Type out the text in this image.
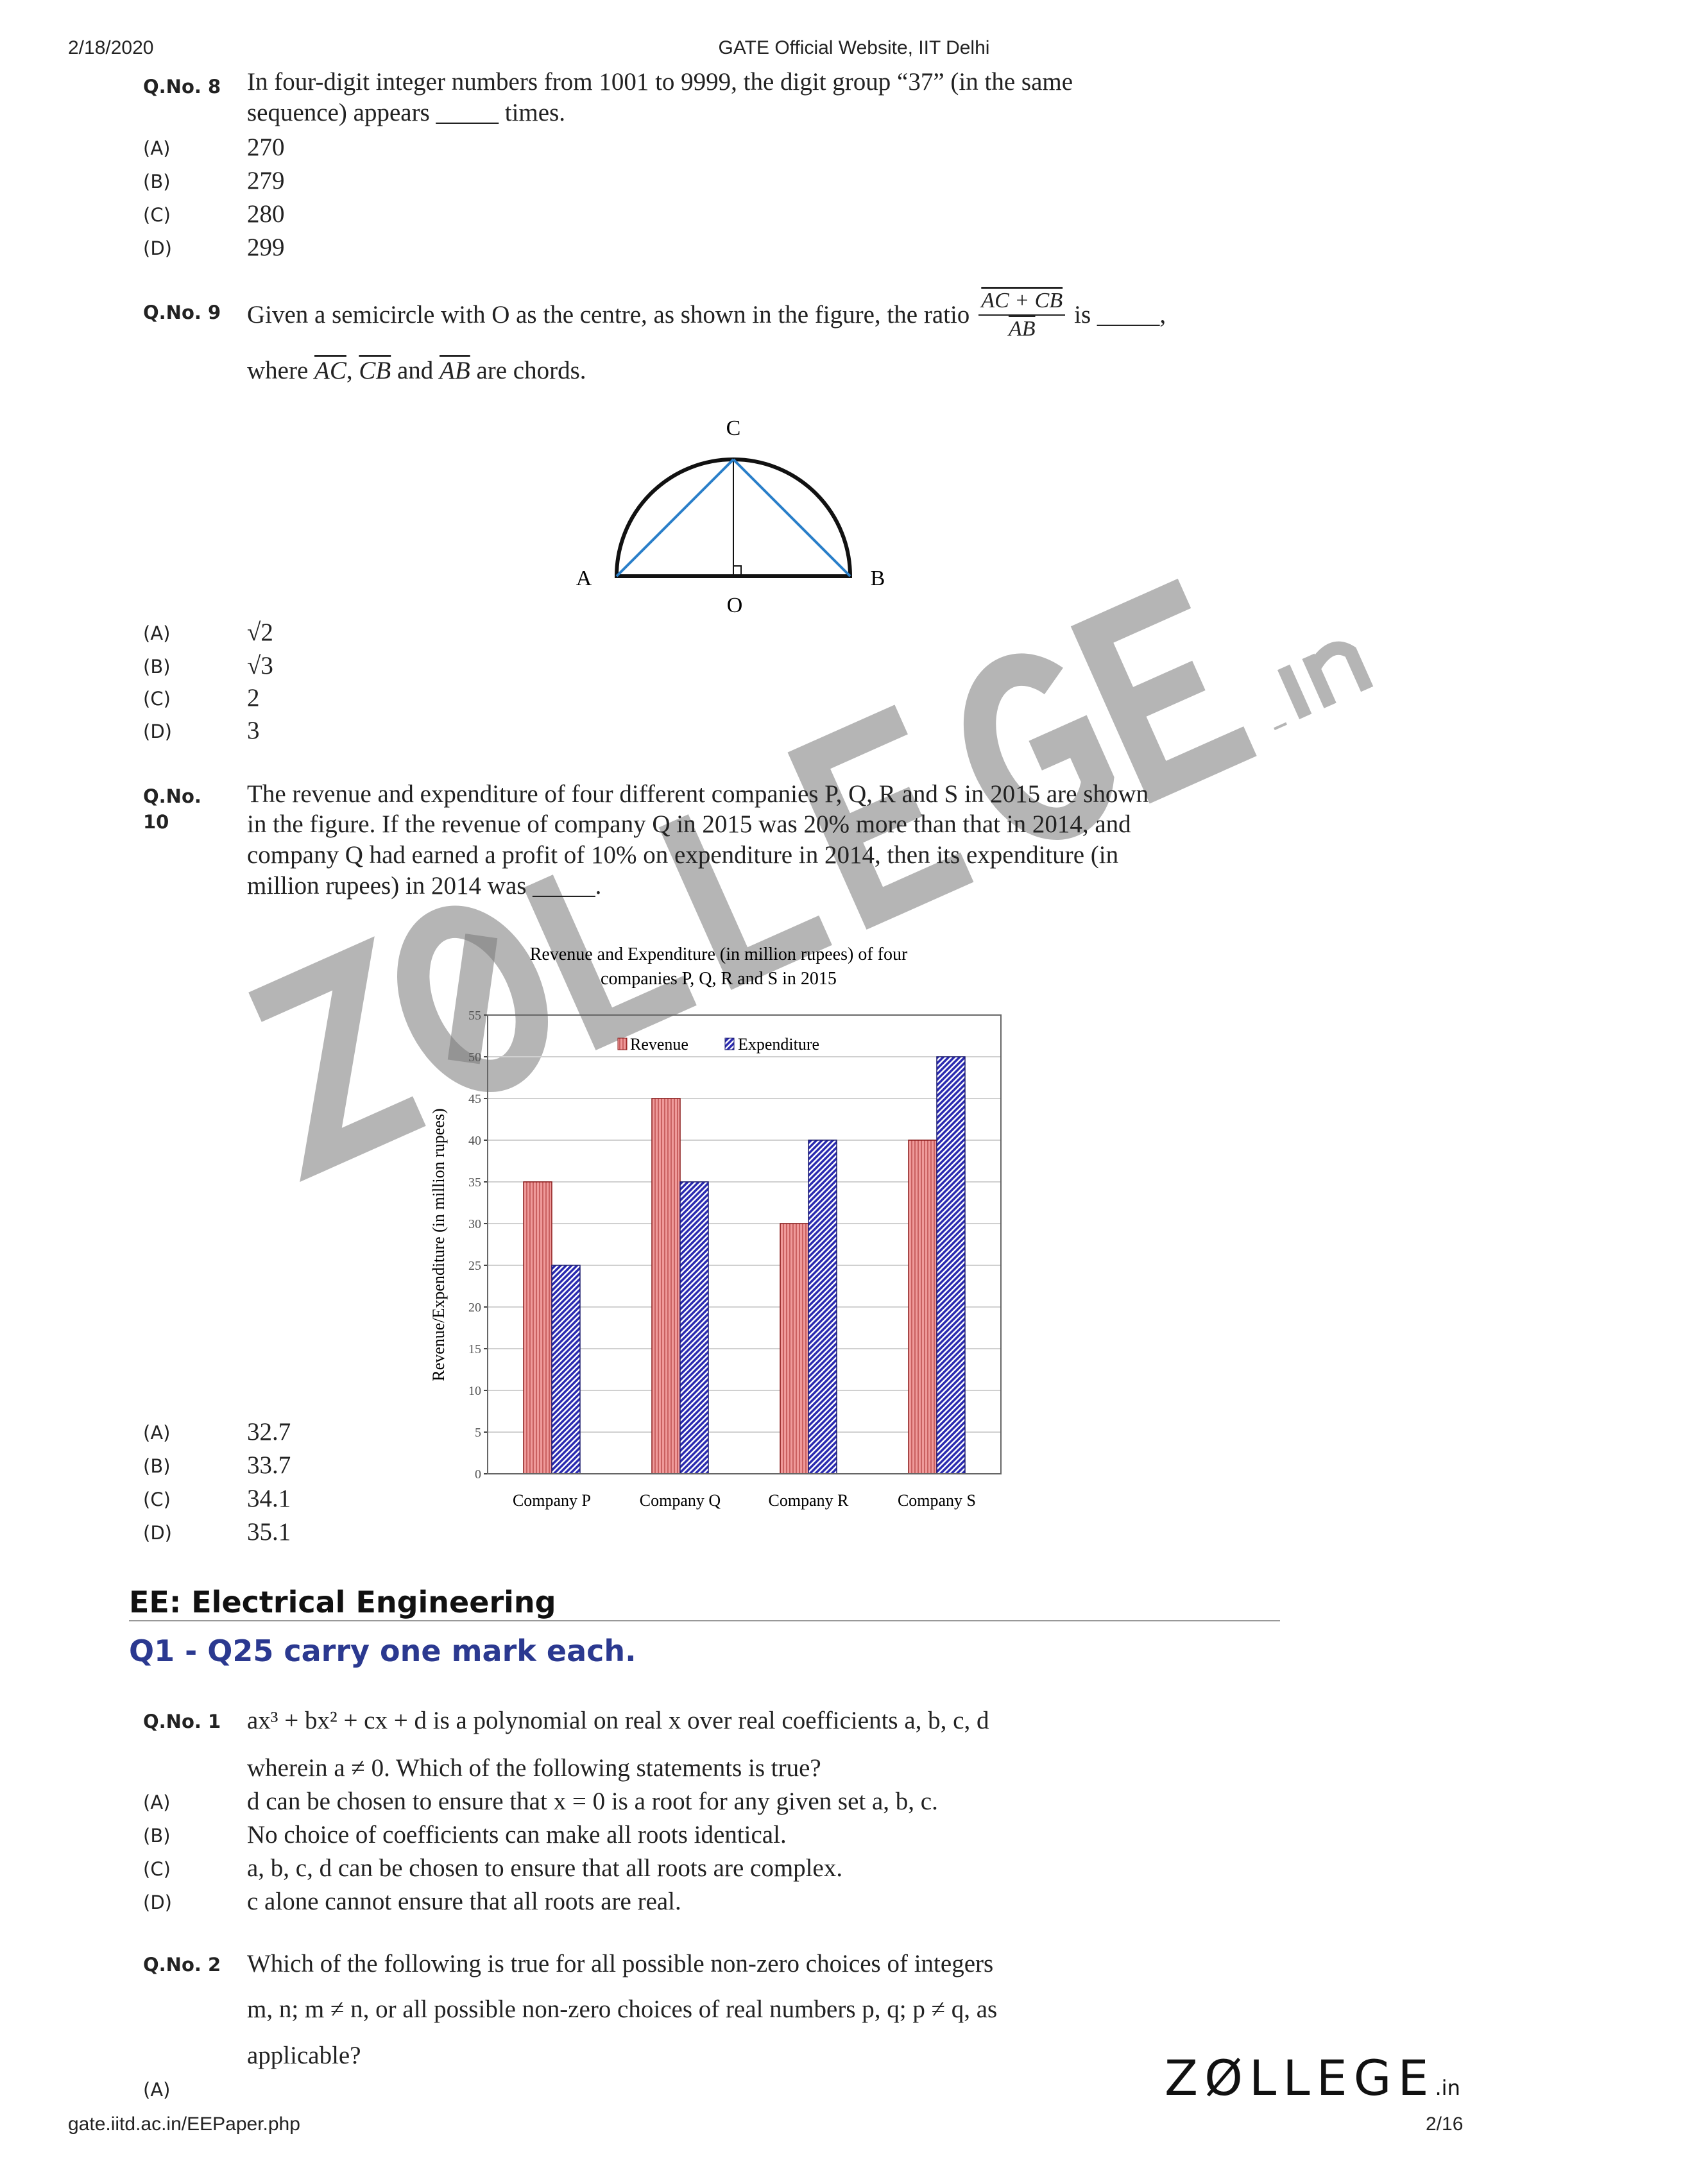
2/18/2020	GATE Official Website, IIT Delhi
Q.No. 8 In four-digit integer numbers from 1001 to 9999, the digit group “37” (in the same
sequence) appears _____ times.
(A)	270
(B)	279
(C)	280
(D)	299
Q.No. 9 Given a semicircle with O as the centre, as shown in the figure, the ratio $\frac{AC + CB}{AB}$ is _____,
where $\overline{AC}$, $\overline{CB}$ and $\overline{AB}$ are chords.
C
A	B
O
(A)	√2
(B)	√3
(C)	2
(D)	3
Q.No.
10
The revenue and expenditure of four different companies P, Q, R and S in 2015 are shown
in the figure. If the revenue of company Q in 2015 was 20% more than that in 2014, and
company Q had earned a profit of 10% on expenditure in 2014, then its expenditure (in
million rupees) in 2014 was _____.
Revenue and Expenditure (in million rupees) of four
companies P, Q, R and S in 2015
Revenue/Expenditure (in million rupees)
0
5
10
15
20
25
30
35
40
45
50
55
Company P	Company Q	Company R	Company S
Revenue	Expenditure
(A)	32.7
(B)	33.7
(C)	34.1
(D)	35.1
EE: Electrical Engineering
Q1 - Q25 carry one mark each.
Q.No. 1 ax³ + bx² + cx + d is a polynomial on real x over real coefficients a, b, c, d
wherein a ≠ 0. Which of the following statements is true?
(A)	d can be chosen to ensure that x = 0 is a root for any given set a, b, c.
(B)	No choice of coefficients can make all roots identical.
(C)	a, b, c, d can be chosen to ensure that all roots are complex.
(D)	c alone cannot ensure that all roots are real.
Q.No. 2 Which of the following is true for all possible non-zero choices of integers
m, n; m ≠ n, or all possible non-zero choices of real numbers p, q; p ≠ q, as
applicable?
(A)	ZØLLEGE.in
gate.iitd.ac.in/EEPaper.php	2/16
